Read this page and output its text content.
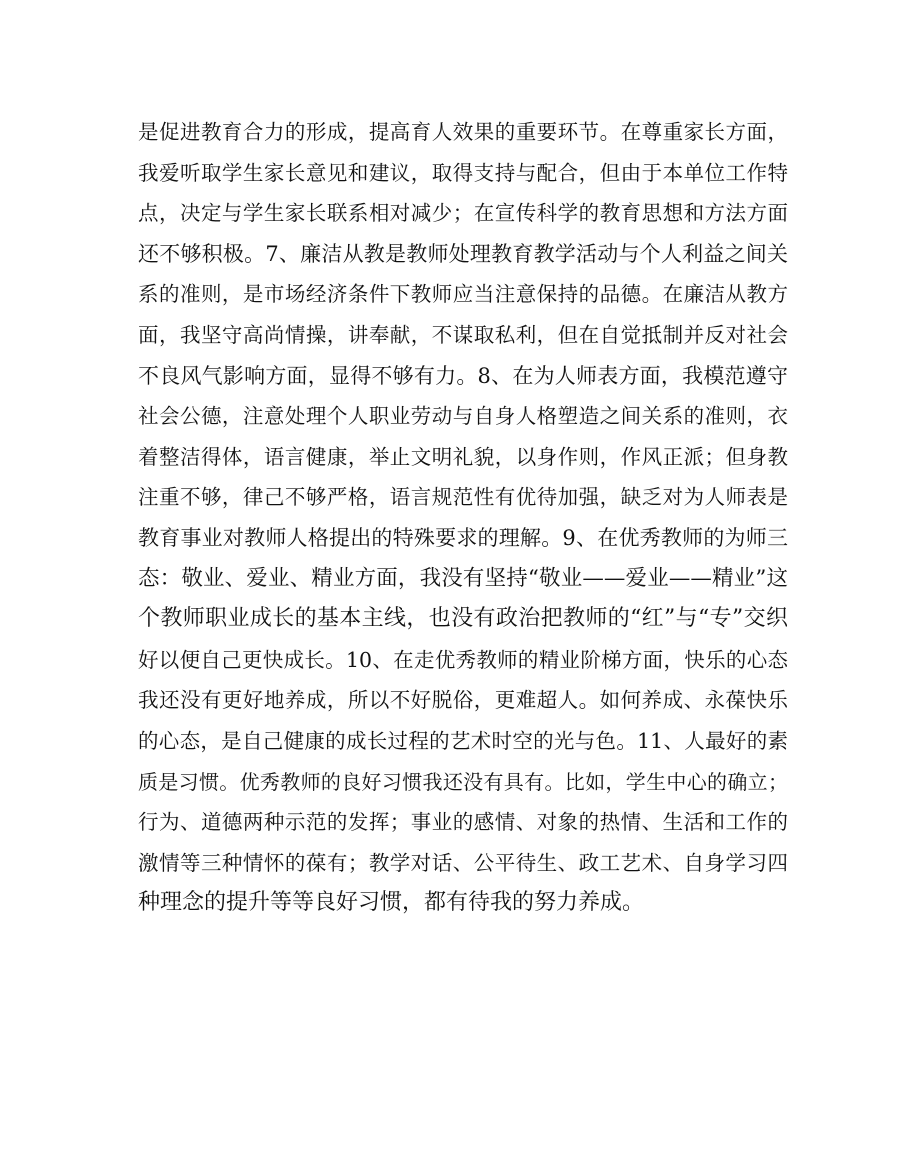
是促进教育合力的形成，提高育人效果的重要环节。在尊重家长方面，
我爱听取学生家长意见和建议，取得支持与配合，但由于本单位工作特
点，决定与学生家长联系相对减少；在宣传科学的教育思想和方法方面
还不够积极。7、廉洁从教是教师处理教育教学活动与个人利益之间关
系的准则，是市场经济条件下教师应当注意保持的品德。在廉洁从教方
面，我坚守高尚情操，讲奉献，不谋取私利，但在自觉抵制并反对社会
不良风气影响方面，显得不够有力。8、在为人师表方面，我模范遵守
社会公德，注意处理个人职业劳动与自身人格塑造之间关系的准则，衣
着整洁得体，语言健康，举止文明礼貌，以身作则，作风正派；但身教
注重不够，律己不够严格，语言规范性有优待加强，缺乏对为人师表是
教育事业对教师人格提出的特殊要求的理解。9、在优秀教师的为师三
态：敬业、爱业、精业方面，我没有坚持“敬业——爱业——精业”这
个教师职业成长的基本主线，也没有政治把教师的“红”与“专”交织
好以便自己更快成长。10、在走优秀教师的精业阶梯方面，快乐的心态
我还没有更好地养成，所以不好脱俗，更难超人。如何养成、永葆快乐
的心态，是自己健康的成长过程的艺术时空的光与色。11、人最好的素
质是习惯。优秀教师的良好习惯我还没有具有。比如，学生中心的确立；
行为、道德两种示范的发挥；事业的感情、对象的热情、生活和工作的
激情等三种情怀的葆有；教学对话、公平待生、政工艺术、自身学习四
种理念的提升等等良好习惯，都有待我的努力养成。
